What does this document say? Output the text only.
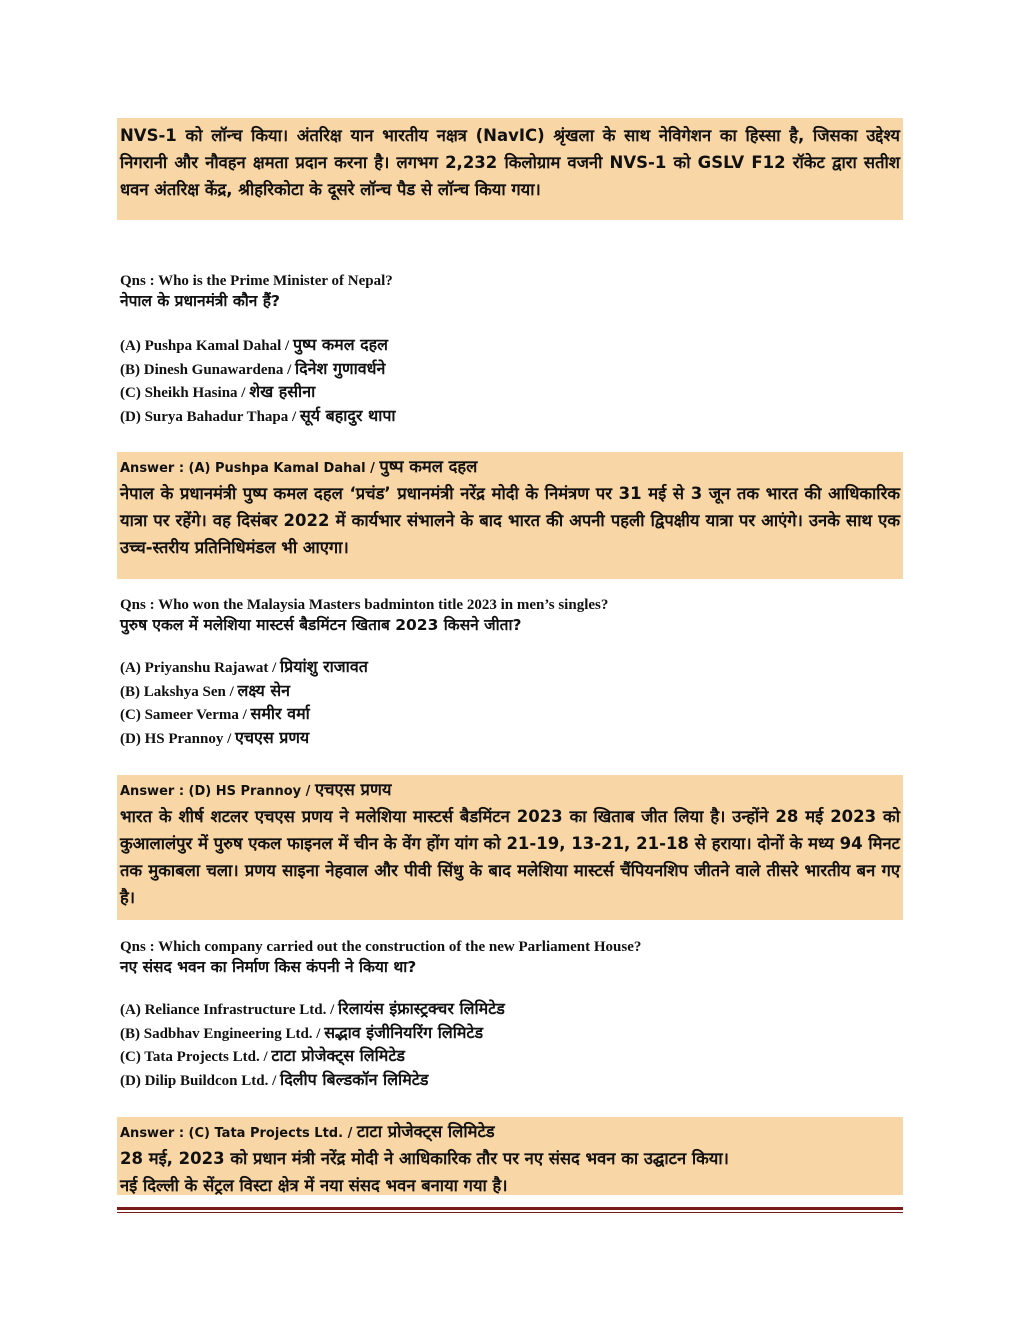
NVS-1 को लॉन्च किया। अंतरिक्ष यान भारतीय नक्षत्र (NavIC) श्रृंखला के साथ नेविगेशन का हिस्सा है, जिसका उद्देश्य निगरानी और नौवहन क्षमता प्रदान करना है। लगभग 2,232 किलोग्राम वजनी NVS-1 को GSLV F12 रॉकेट द्वारा सतीश धवन अंतरिक्ष केंद्र, श्रीहरिकोटा के दूसरे लॉन्च पैड से लॉन्च किया गया।

Qns : Who is the Prime Minister of Nepal?
नेपाल के प्रधानमंत्री कौन हैं?
(A) Pushpa Kamal Dahal / पुष्प कमल दहल
(B) Dinesh Gunawardena / दिनेश गुणावर्धने
(C) Sheikh Hasina / शेख हसीना
(D) Surya Bahadur Thapa / सूर्य बहादुर थापा
Answer : (A) Pushpa Kamal Dahal / पुष्प कमल दहल

नेपाल के प्रधानमंत्री पुष्प कमल दहल ‘प्रचंड’ प्रधानमंत्री नरेंद्र मोदी के निमंत्रण पर 31 मई से 3 जून तक भारत की आधिकारिक यात्रा पर रहेंगे। वह दिसंबर 2022 में कार्यभार संभालने के बाद भारत की अपनी पहली द्विपक्षीय यात्रा पर आएंगे। उनके साथ एक उच्च-स्तरीय प्रतिनिधिमंडल भी आएगा।

Qns : Who won the Malaysia Masters badminton title 2023 in men’s singles?
पुरुष एकल में मलेशिया मास्टर्स बैडमिंटन खिताब 2023 किसने जीता?
(A) Priyanshu Rajawat / प्रियांशु राजावत
(B) Lakshya Sen / लक्ष्य सेन
(C) Sameer Verma / समीर वर्मा
(D) HS Prannoy / एचएस प्रणय
Answer : (D) HS Prannoy / एचएस प्रणय

भारत के शीर्ष शटलर एचएस प्रणय ने मलेशिया मास्टर्स बैडमिंटन 2023 का खिताब जीत लिया है। उन्होंने 28 मई 2023 को कुआलालंपुर में पुरुष एकल फाइनल में चीन के वेंग होंग यांग को 21-19, 13-21, 21-18 से हराया। दोनों के मध्य 94 मिनट तक मुकाबला चला। प्रणय साइना नेहवाल और पीवी सिंधु के बाद मलेशिया मास्टर्स चैंपियनशिप जीतने वाले तीसरे भारतीय बन गए है।

Qns : Which company carried out the construction of the new Parliament House?
नए संसद भवन का निर्माण किस कंपनी ने किया था?
(A) Reliance Infrastructure Ltd. / रिलायंस इंफ्रास्ट्रक्चर लिमिटेड
(B) Sadbhav Engineering Ltd. / सद्भाव इंजीनियरिंग लिमिटेड
(C) Tata Projects Ltd. / टाटा प्रोजेक्ट्स लिमिटेड
(D) Dilip Buildcon Ltd. / दिलीप बिल्डकॉन लिमिटेड
Answer : (C) Tata Projects Ltd. / टाटा प्रोजेक्ट्स लिमिटेड

28 मई, 2023 को प्रधान मंत्री नरेंद्र मोदी ने आधिकारिक तौर पर नए संसद भवन का उद्घाटन किया।

नई दिल्ली के सेंट्रल विस्टा क्षेत्र में नया संसद भवन बनाया गया है।
